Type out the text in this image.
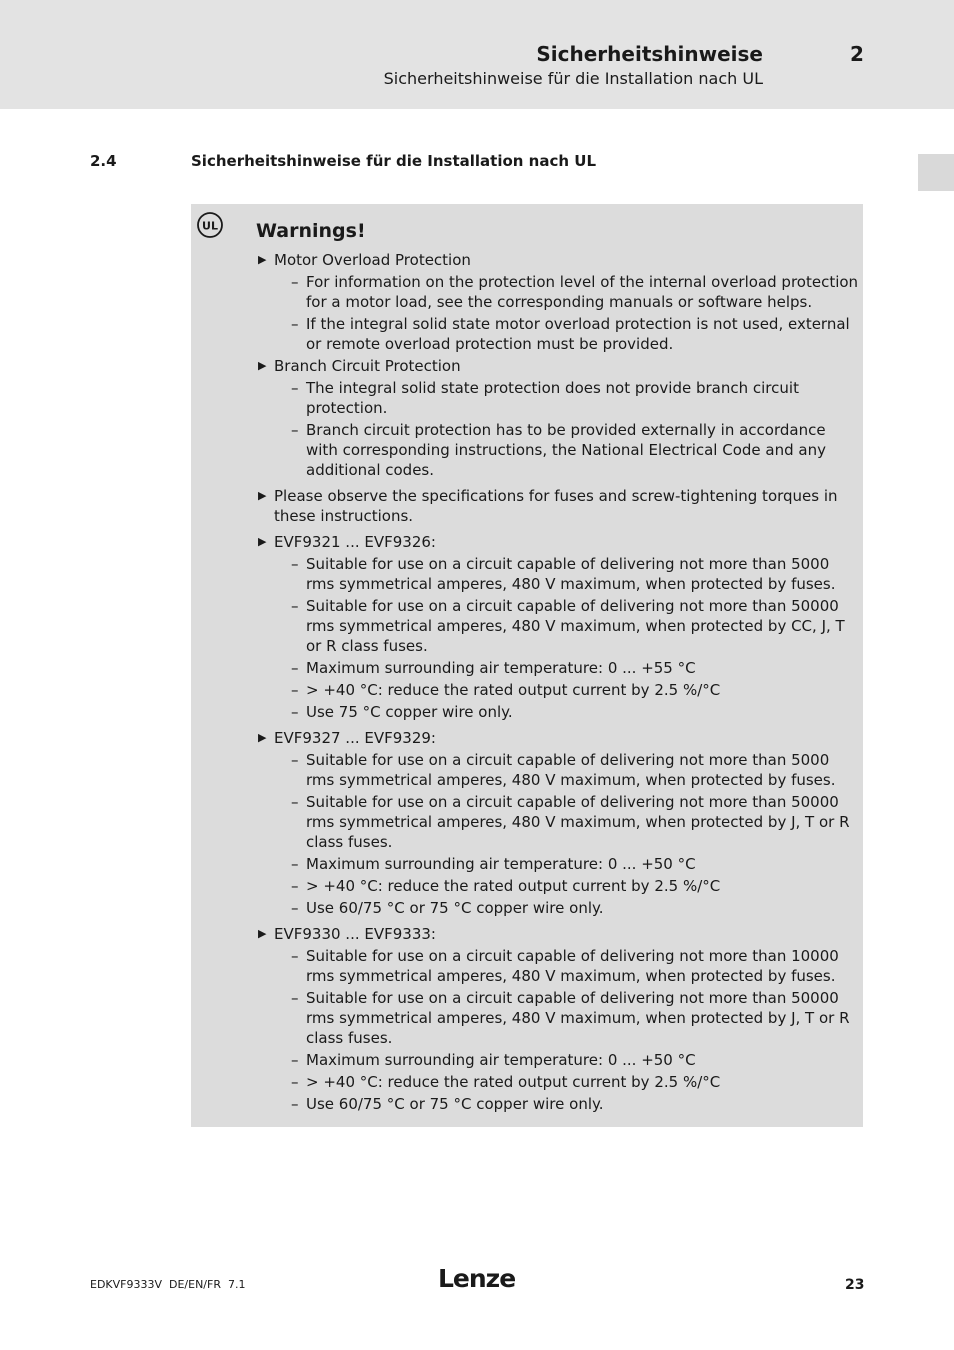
Sicherheitshinweise	2
Sicherheitshinweise für die Installation nach UL
2.4	Sicherheitshinweise für die Installation nach UL
UL Warnings!
▶ Motor Overload Protection
– For information on the protection level of the internal overload protection for a motor load, see the corresponding manuals or software helps.
– If the integral solid state motor overload protection is not used, external or remote overload protection must be provided.
▶ Branch Circuit Protection
– The integral solid state protection does not provide branch circuit protection.
– Branch circuit protection has to be provided externally in accordance with corresponding instructions, the National Electrical Code and any additional codes.
▶ Please observe the specifications for fuses and screw-tightening torques in these instructions.
▶ EVF9321 ... EVF9326:
– Suitable for use on a circuit capable of delivering not more than 5000 rms symmetrical amperes, 480 V maximum, when protected by fuses.
– Suitable for use on a circuit capable of delivering not more than 50000 rms symmetrical amperes, 480 V maximum, when protected by CC, J, T or R class fuses.
– Maximum surrounding air temperature: 0 ... +55 °C
– > +40 °C: reduce the rated output current by 2.5 %/°C
– Use 75 °C copper wire only.
▶ EVF9327 ... EVF9329:
– Suitable for use on a circuit capable of delivering not more than 5000 rms symmetrical amperes, 480 V maximum, when protected by fuses.
– Suitable for use on a circuit capable of delivering not more than 50000 rms symmetrical amperes, 480 V maximum, when protected by J, T or R class fuses.
– Maximum surrounding air temperature: 0 ... +50 °C
– > +40 °C: reduce the rated output current by 2.5 %/°C
– Use 60/75 °C or 75 °C copper wire only.
▶ EVF9330 ... EVF9333:
– Suitable for use on a circuit capable of delivering not more than 10000 rms symmetrical amperes, 480 V maximum, when protected by fuses.
– Suitable for use on a circuit capable of delivering not more than 50000 rms symmetrical amperes, 480 V maximum, when protected by J, T or R class fuses.
– Maximum surrounding air temperature: 0 ... +50 °C
– > +40 °C: reduce the rated output current by 2.5 %/°C
– Use 60/75 °C or 75 °C copper wire only.
EDKVF9333V  DE/EN/FR  7.1	Lenze	23
